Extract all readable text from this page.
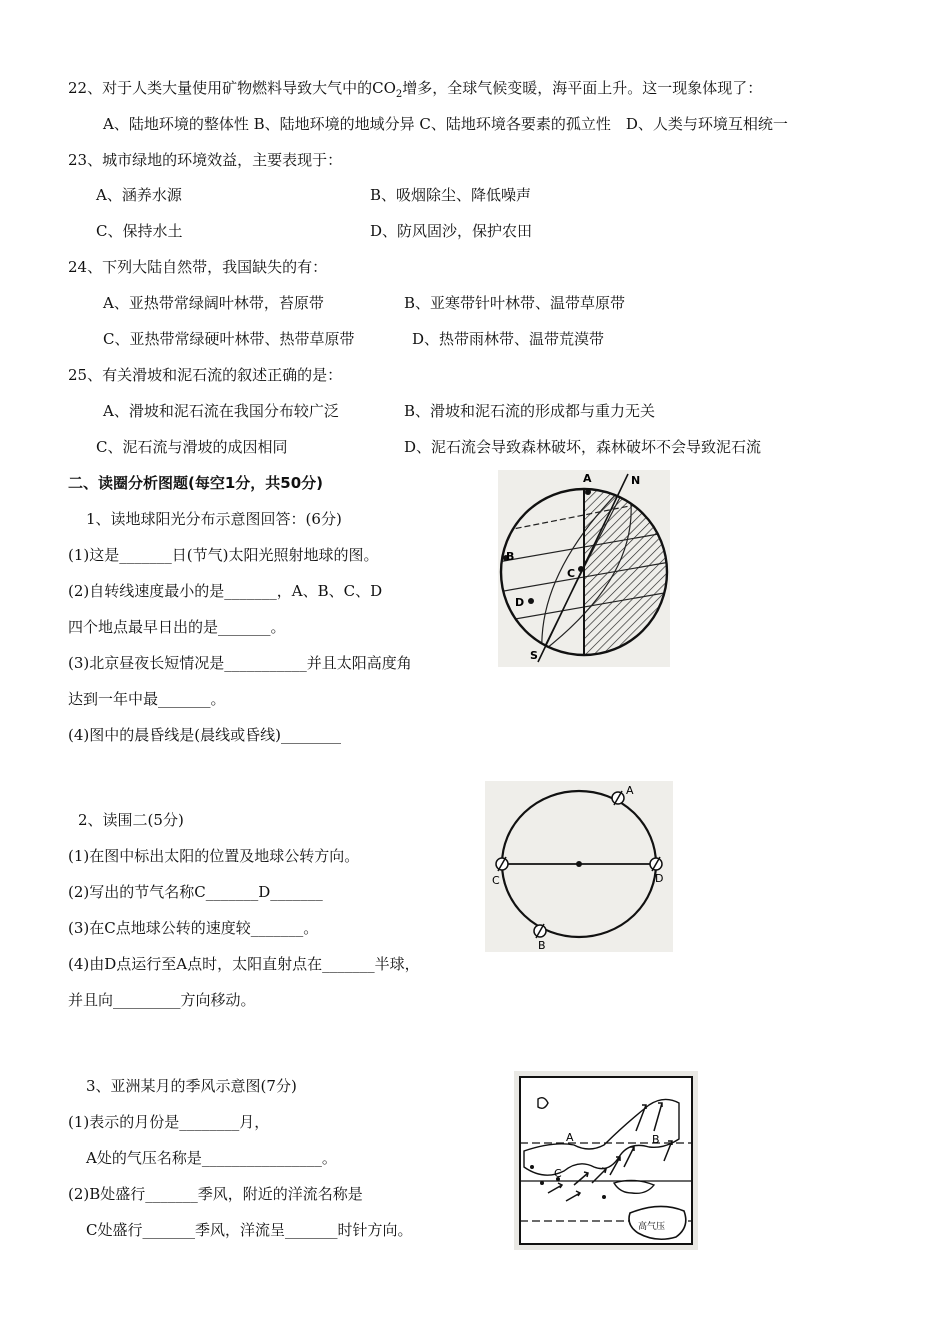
22、对于人类大量使用矿物燃料导致大气中的$CO_2$增多，全球气候变暖，海平面上升。这一现象体现了：
A、陆地环境的整体性 B、陆地环境的地域分异 C、陆地环境各要素的孤立性　D、人类与环境互相统一
23、城市绿地的环境效益，主要表现于：
A、涵养水源	B、吸烟除尘、降低噪声
C、保持水土	D、防风固沙，保护农田
24、下列大陆自然带，我国缺失的有：
A、亚热带常绿阔叶林带，苔原带	B、亚寒带针叶林带、温带草原带
C、亚热带常绿硬叶林带、热带草原带	D、热带雨林带、温带荒漠带
25、有关滑坡和泥石流的叙述正确的是：
A、滑坡和泥石流在我国分布较广泛	B、滑坡和泥石流的形成都与重力无关
C、泥石流与滑坡的成因相同	D、泥石流会导致森林破坏，森林破坏不会导致泥石流
二、读圈分析图题(每空1分，共50分)
1、读地球阳光分布示意图回答：(6分)
(1)这是_______日(节气)太阳光照射地球的图。
(2)自转线速度最小的是_______，A、B、C、D
四个地点最早日出的是_______。
(3)北京昼夜长短情况是___________并且太阳高度角
达到一年中最_______。
(4)图中的晨昏线是(晨线或昏线)________
A	N
B
C
D
S
2、读围二(5分)
(1)在图中标出太阳的位置及地球公转方向。
(2)写出的节气名称C_______D_______
(3)在C点地球公转的速度较_______。
(4)由D点运行至A点时，太阳直射点在_______半球，
并且向_________方向移动。
A
C	D
B
3、亚洲某月的季风示意图(7分)
(1)表示的月份是________月，
A处的气压名称是________________。
(2)B处盛行_______季风，附近的洋流名称是
C处盛行_______季风，洋流呈_______时针方向。
A	B
C
高气压
